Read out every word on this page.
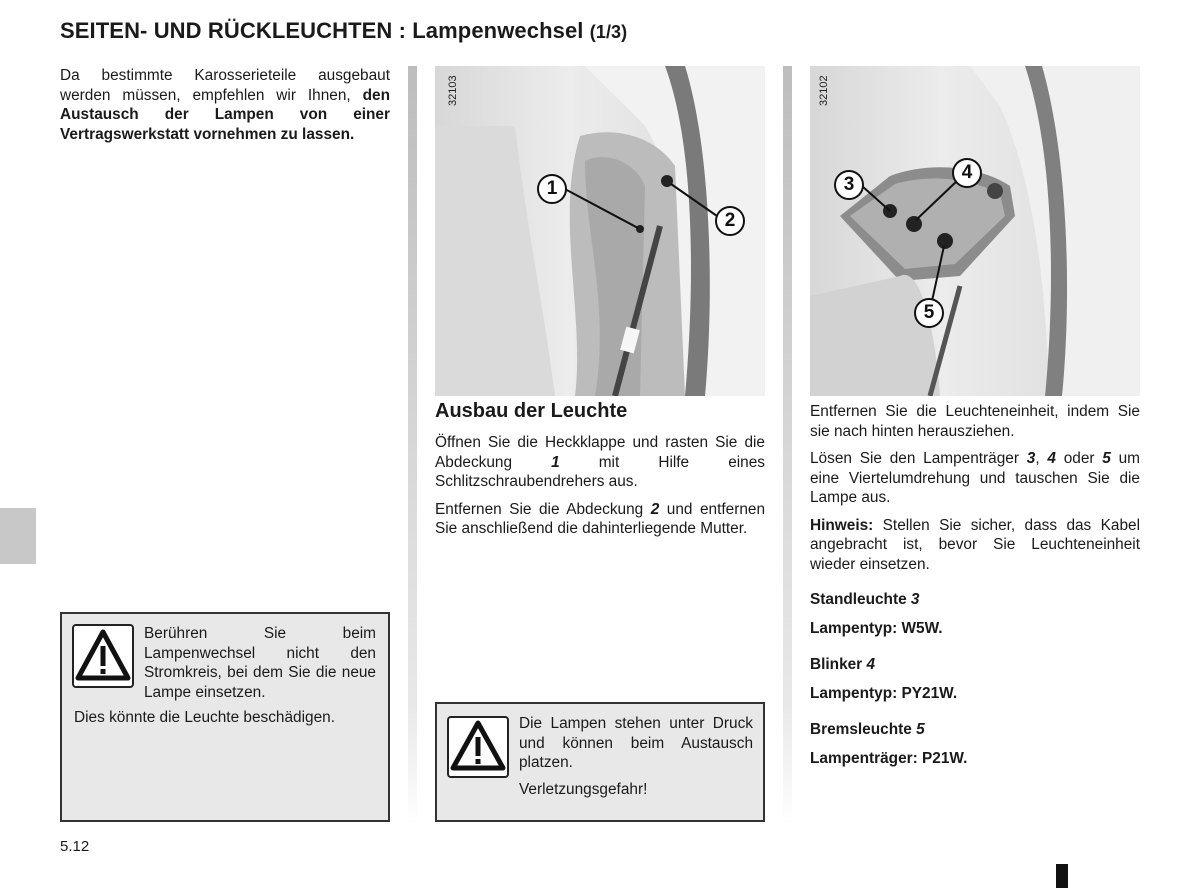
SEITEN- UND RÜCKLEUCHTEN : Lampenwechsel (1/3)
Da bestimmte Karosserieteile ausgebaut werden müssen, empfehlen wir Ihnen, den Austausch der Lampen von einer Vertragswerkstatt vornehmen zu lassen.
Berühren Sie beim Lampenwechsel nicht den Stromkreis, bei dem Sie die neue Lampe einsetzen.
Dies könnte die Leuchte beschädigen.
5.12
32103
1
2
Ausbau der Leuchte

Öffnen Sie die Heckklappe und rasten Sie die Abdeckung 1 mit Hilfe eines Schlitzschraubendrehers aus.

Entfernen Sie die Abdeckung 2 und entfernen Sie anschließend die dahinterliegende Mutter.

Die Lampen stehen unter Druck und können beim Austausch platzen.
Verletzungsgefahr!
32102
3
4
5

Entfernen Sie die Leuchteneinheit, indem Sie sie nach hinten herausziehen.

Lösen Sie den Lampenträger 3, 4 oder 5 um eine Viertelumdrehung und tauschen Sie die Lampe aus.

Hinweis: Stellen Sie sicher, dass das Kabel angebracht ist, bevor Sie Leuchteneinheit wieder einsetzen.

Standleuchte 3
Lampentyp: W5W.
Blinker 4
Lampentyp: PY21W.
Bremsleuchte 5
Lampenträger: P21W.
